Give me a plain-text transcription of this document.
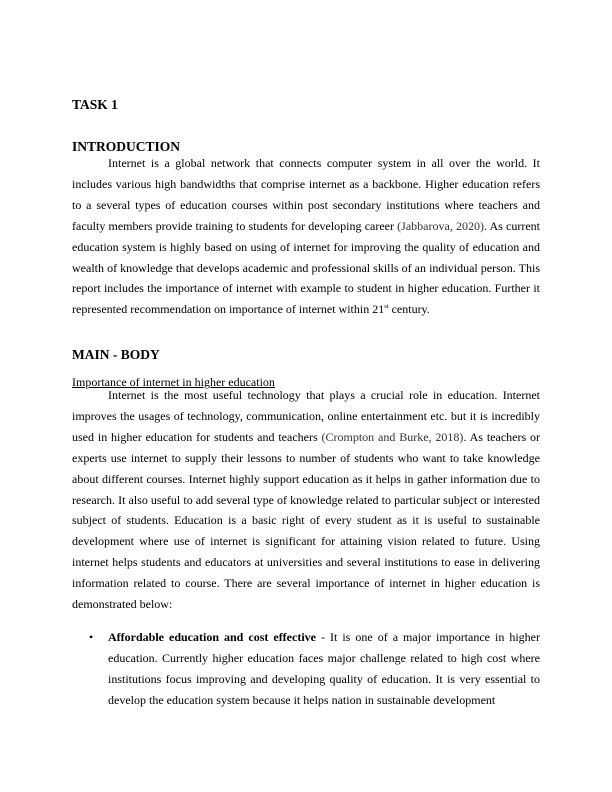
TASK 1
INTRODUCTION

Internet is a global network that connects computer system in all over the world. It includes various high bandwidths that comprise internet as a backbone. Higher education refers to a several types of education courses within post secondary institutions where teachers and faculty members provide training to students for developing career (Jabbarova, 2020). As current education system is highly based on using of internet for improving the quality of education and wealth of knowledge that develops academic and professional skills of an individual person. This report includes the importance of internet with example to student in higher education. Further it represented recommendation on importance of internet within 21st century.

MAIN - BODY

Importance of internet in higher education

Internet is the most useful technology that plays a crucial role in education. Internet improves the usages of technology, communication, online entertainment etc. but it is incredibly used in higher education for students and teachers (Crompton and Burke, 2018). As teachers or experts use internet to supply their lessons to number of students who want to take knowledge about different courses. Internet highly support education as it helps in gather information due to research. It also useful to add several type of knowledge related to particular subject or interested subject of students. Education is a basic right of every student as it is useful to sustainable development where use of internet is significant for attaining vision related to future. Using internet helps students and educators at universities and several institutions to ease in delivering information related to course. There are several importance of internet in higher education is demonstrated below:

• Affordable education and cost effective - It is one of a major importance in higher education. Currently higher education faces major challenge related to high cost where institutions focus improving and developing quality of education. It is very essential to develop the education system because it helps nation in sustainable development
